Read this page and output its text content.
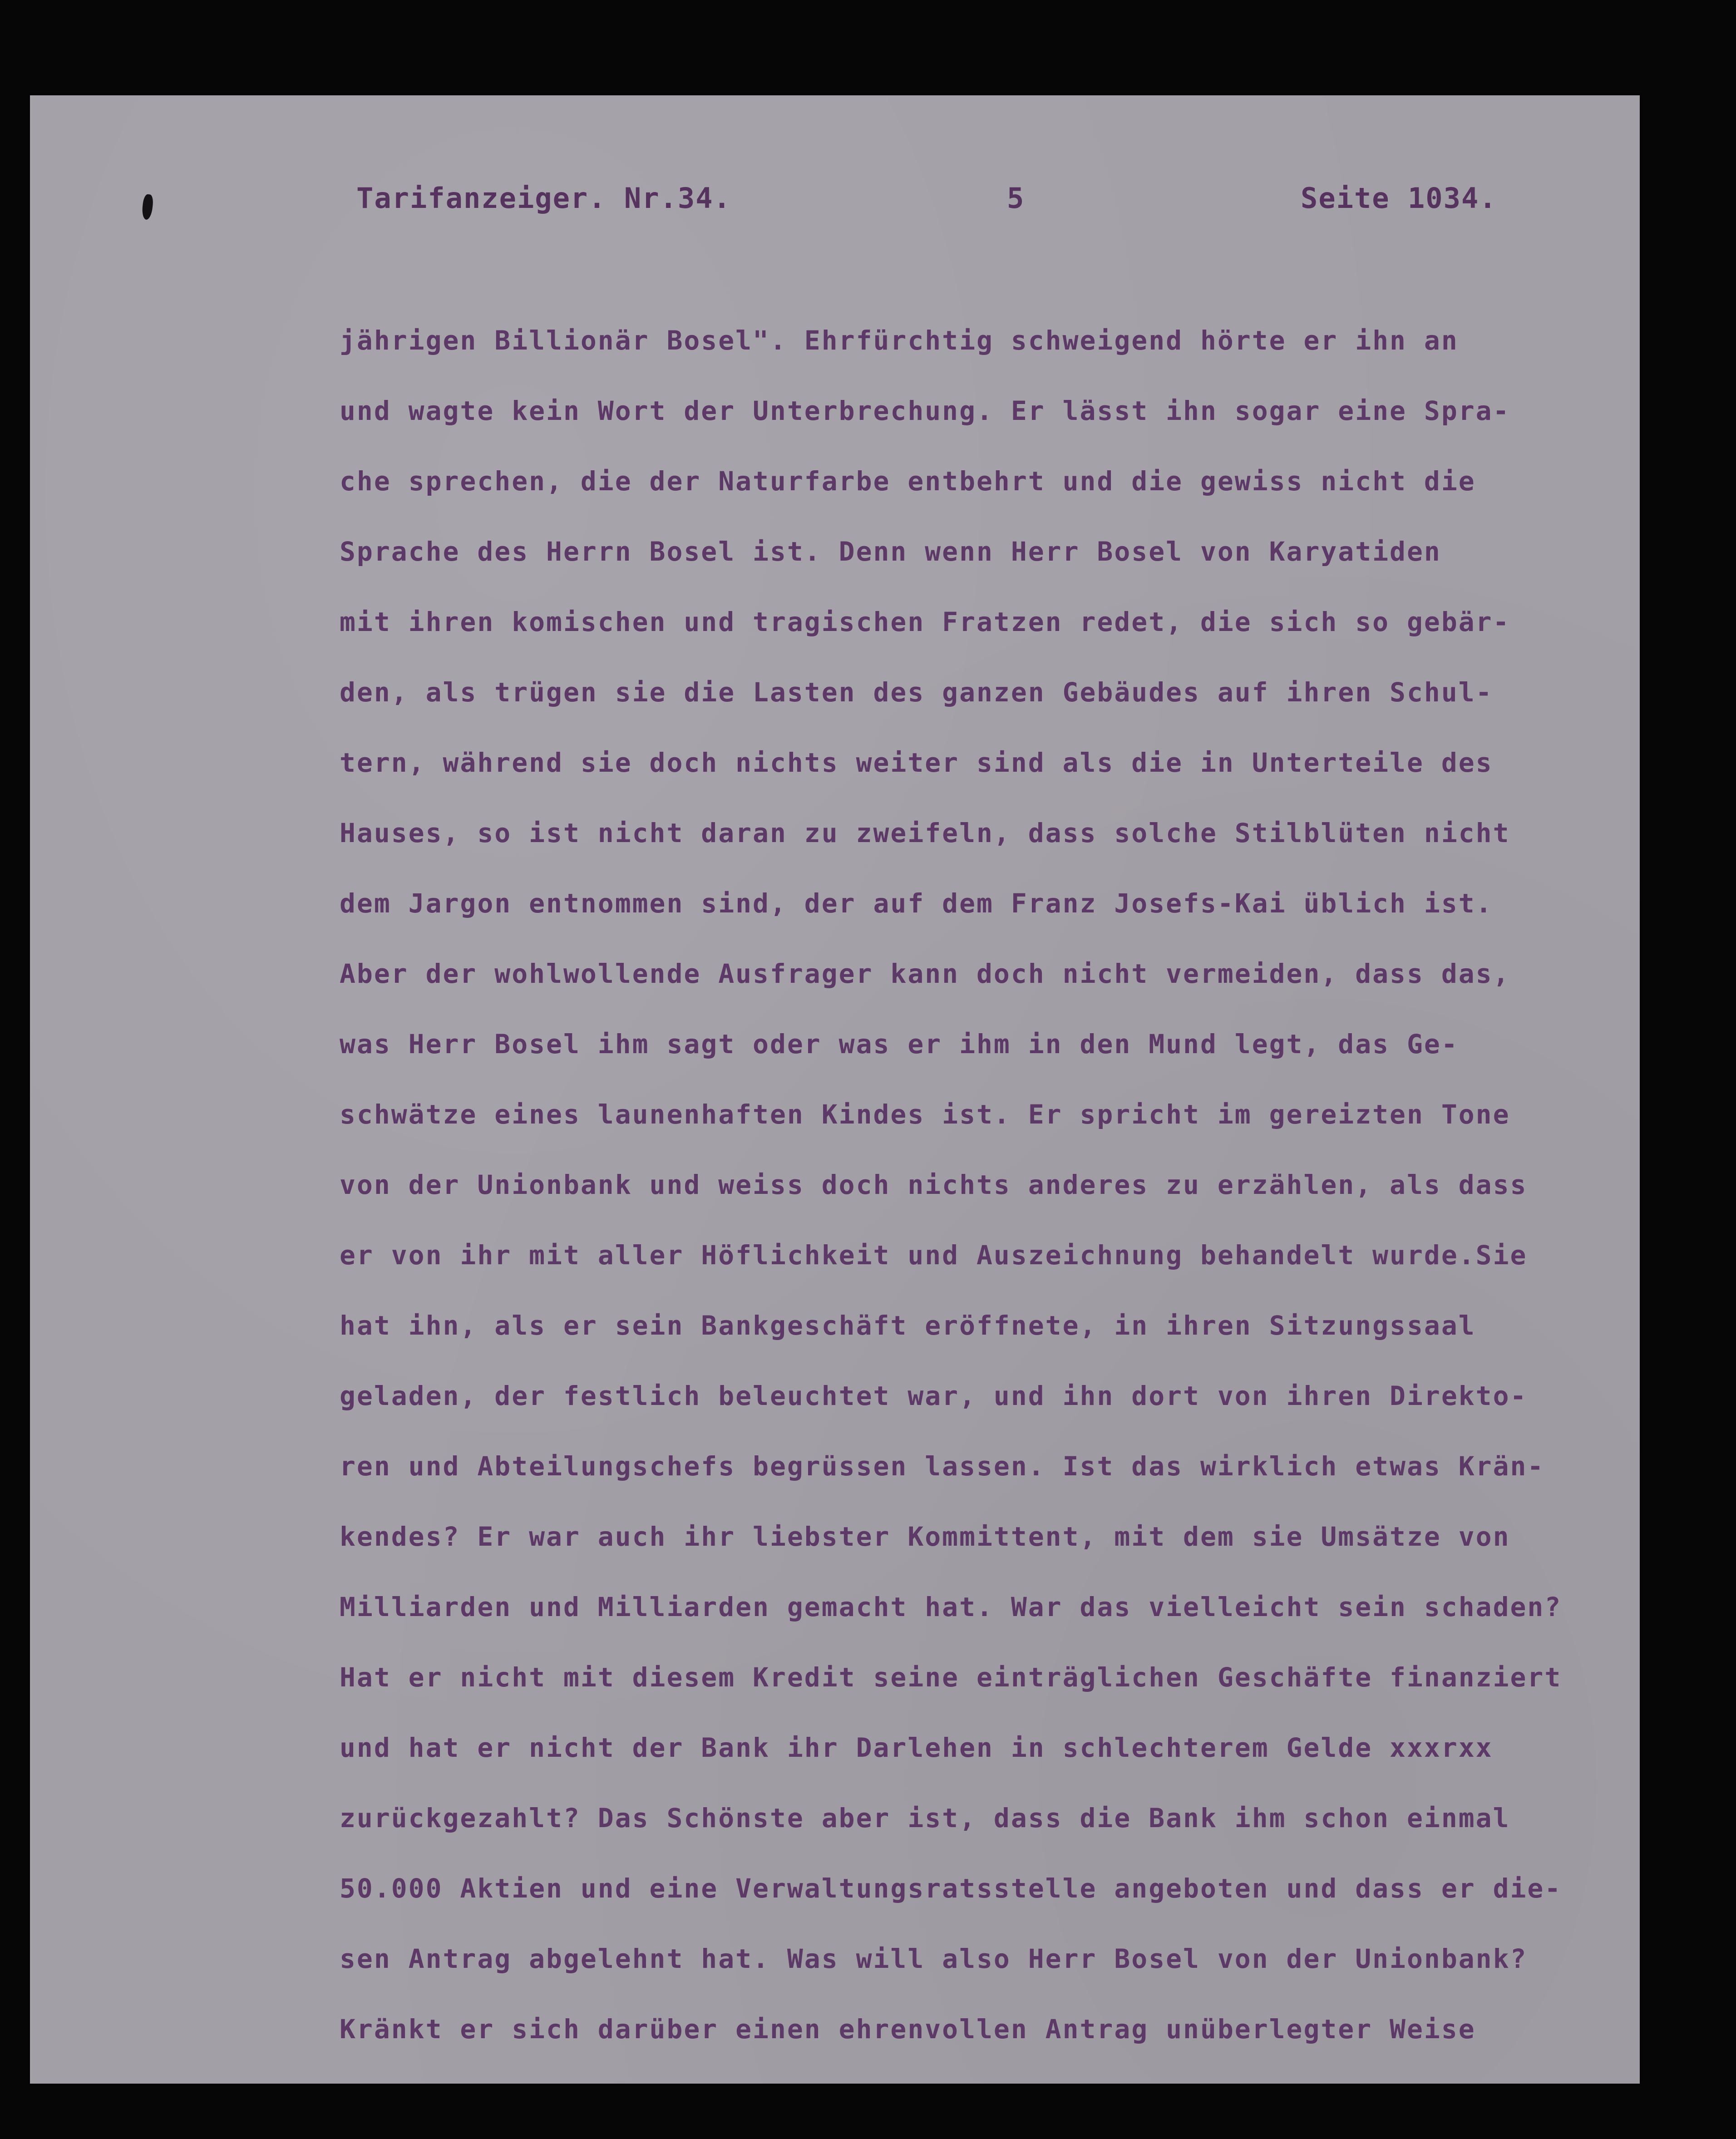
Tarifanzeiger. Nr.34.	5	Seite 1034.
jährigen Billionär Bosel". Ehrfürchtig schweigend hörte er ihn an
und wagte kein Wort der Unterbrechung. Er lässt ihn sogar eine Spra-
che sprechen, die der Naturfarbe entbehrt und die gewiss nicht die
Sprache des Herrn Bosel ist. Denn wenn Herr Bosel von Karyatiden
mit ihren komischen und tragischen Fratzen redet, die sich so gebär-
den, als trügen sie die Lasten des ganzen Gebäudes auf ihren Schul-
tern, während sie doch nichts weiter sind als die in Unterteile des
Hauses, so ist nicht daran zu zweifeln, dass solche Stilblüten nicht
dem Jargon entnommen sind, der auf dem Franz Josefs-Kai üblich ist.
Aber der wohlwollende Ausfrager kann doch nicht vermeiden, dass das,
was Herr Bosel ihm sagt oder was er ihm in den Mund legt, das Ge-
schwätze eines launenhaften Kindes ist. Er spricht im gereizten Tone
von der Unionbank und weiss doch nichts anderes zu erzählen, als dass
er von ihr mit aller Höflichkeit und Auszeichnung behandelt wurde.Sie
hat ihn, als er sein Bankgeschäft eröffnete, in ihren Sitzungssaal
geladen, der festlich beleuchtet war, und ihn dort von ihren Direkto-
ren und Abteilungschefs begrüssen lassen. Ist das wirklich etwas Krän-
kendes? Er war auch ihr liebster Kommittent, mit dem sie Umsätze von
Milliarden und Milliarden gemacht hat. War das vielleicht sein schaden?
Hat er nicht mit diesem Kredit seine einträglichen Geschäfte finanziert
und hat er nicht der Bank ihr Darlehen in schlechterem Gelde xxxrxx
zurückgezahlt? Das Schönste aber ist, dass die Bank ihm schon einmal
50.000 Aktien und eine Verwaltungsratsstelle angeboten und dass er die-
sen Antrag abgelehnt hat. Was will also Herr Bosel von der Unionbank?
Kränkt er sich darüber einen ehrenvollen Antrag unüberlegter Weise
